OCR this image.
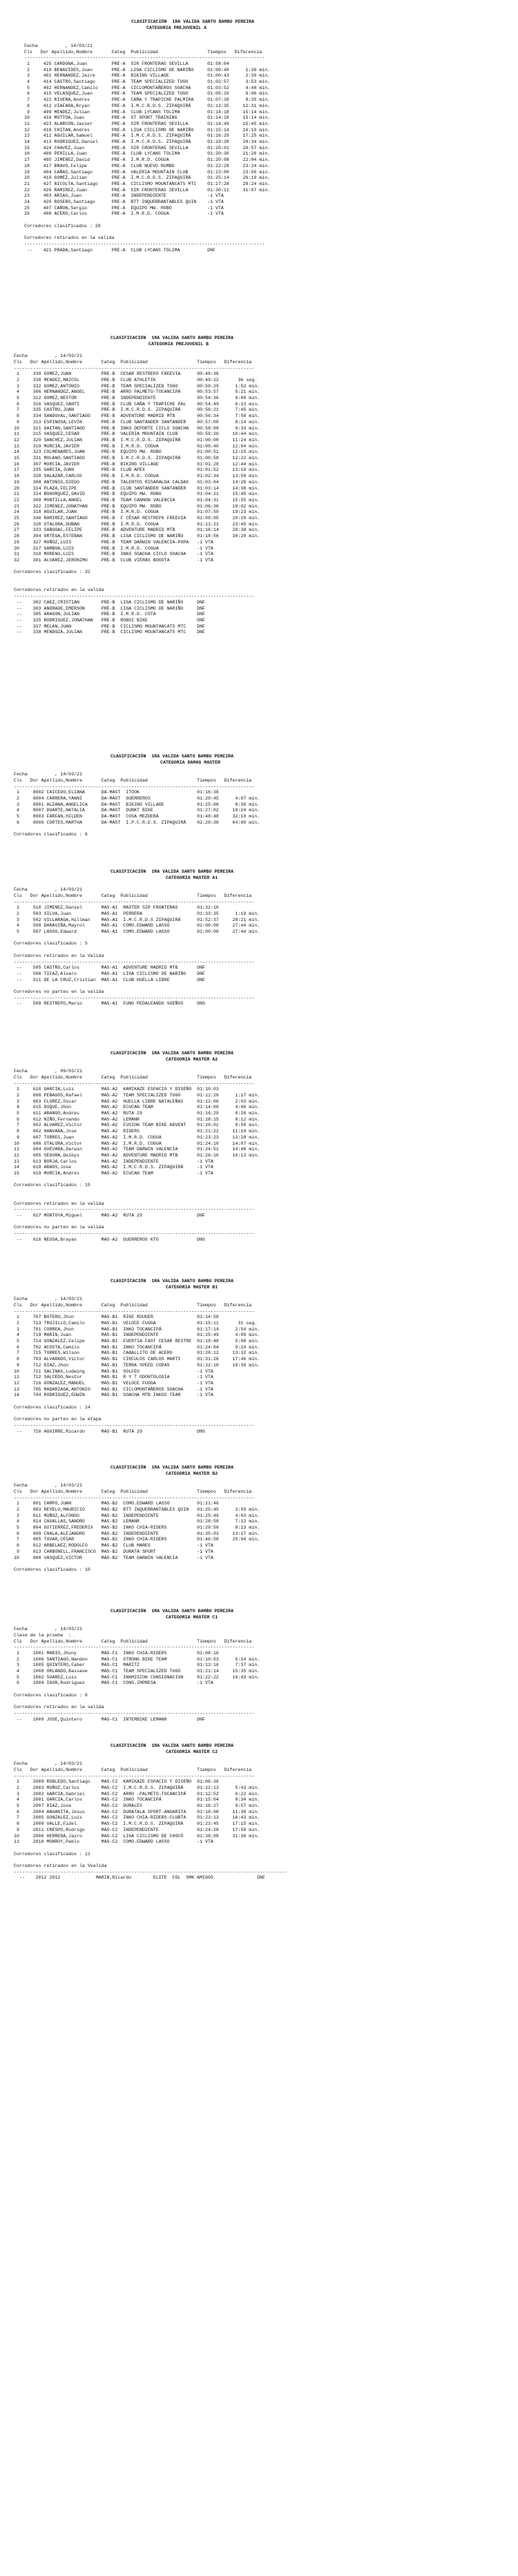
CLASIFICACIÓN  1RA VALIDA SANTO BAMBU PEREIRA
CATEGORIA PREJUVENIL A
Fecha          , 14/03/21
Cls   Dor Apellido,Nombre       Categ  Publicidad                  Tiempos   Diferencia
----------------------------------------------------------------------------------------
1     425 CARDONA,Juan         PRE-A  SIR FRONTERAS SEVILLA       01:58:04
2     419 BENAVIDES,Juan       PRE-A  LIGA CICLISMO DE NARIÑO     01:00:40      1:36 min.
3     401 HERNANDEZ,Jaire      PRE-A  BIKING VILLAGE              01:00:43      2:39 min.
4     414 CASTRO,Santiago      PRE-A  TEAM SPECIALIZED TUGO       01:02:57      3:53 min.
5     402 HERNANDEZ,Camilo     PRE-A  CICLOMONTAÑEROS SOACHA      01:03:52      4:48 min.
6     415 VELASQUEZ,Juan       PRE-A  TEAM SPECIALIZED TUGO       01:05:10      6:06 min.
7     422 RIVERA,Andres        PRE-A  CAÑA Y TRAPICHE PALMIRA     01:07:39      8:35 min.
8     412 VIAFARA,Bryan        PRE-A  I.M.C.R.D.S. ZIPAQUIRÁ      01:13:35     12:31 min.
9     409 MENDEZ,Julian        PRE-A  CLUB LYCANS TOLIMA          01:14:18     15:14 min.
10     416 MOTTOA,Juan          PRE-A  ST SPORT TRAINING           01:14:18     15:14 min.
11     423 ALARCON,Javier       PRE-A  SIR FRONTERAS SEVILLA       01:14:49     15:45 min.
12     418 CHITAN,Andres        PRE-A  LIGA CICLISMO DE NARIÑO     01:15:14     16:10 min.
13     411 AGUILAR,Samuel       PRE-A  I.M.C.R.D.S. ZIPAQUIRÁ      01:16:29     17:25 min.
14     413 RODRIGUEZ,Daniel     PRE-A  I.M.C.R.D.S. ZIPAQUIRÁ      01:19:38     20:34 min.
15     424 CHAVEZ,Juan          PRE-A  SIR FRONTERAS SEVILLA       01:20:01     20:57 min.
16     408 PERILLA,Juan         PRE-A  CLUB LYCANS TOLIMA          01:20:30     21:26 min.
17     405 JIMENEZ,David        PRE-A  I.M.R.D. COGUA              01:20:08     22:04 min.
18     417 BRAVO,Felipe         PRE-A  CLUB NUEVO RUMBO            01:22:28     23:24 min.
19     404 CAÑAS,Santiago       PRE-A  VALERIA MOUNTAIN CLUB       01:23:00     23:56 min.
20     410 GOMEZ,Julian         PRE-A  I.M.C.R.D.S. ZIPAQUIRÁ      01:25:14     26:10 min.
21     427 NICOLTA,Santiago     PRE-A  CICLISMO MOUNTANCATS MTC    01:27:28     28:24 min.
22     426 RAMIREZ,Juan         PRE-A  SIR FRONTERAS SEVILLA       01:30:11     31:07 min.
23     403 ARIAS,Juan           PRE-A  INDEPENDIENTE               -1 VTA
24     420 ROSERO,Santiago      PRE-A  BTT INQUEBRANTABLES QUIN    -1 VTA
25     407 CAÑON,Sergio         PRE-A  EQUIPO MW. ROBO             -1 VTA
26     406 ACERO,Carlos         PRE-A  I.M.R.D. COGUA              -1 VTA
Corredores clasificados : 26
Corredores retirados en la valida
----------------------------------------------------------------------------------------
--    421 PRADA,Santiago       PRE-A  CLUB LYCANS TOLIMA          DNF
CLASIFICACIÓN  1RA VALIDA SANTO BAMBU PEREIRA
CATEGORIA PREJUVENIL B
Fecha          , 14/03/21
Cls   Dor Apellido,Nombre       Categ  Publicidad                  Tiempos   Diferencia
----------------------------------------------------------------------------------------
1     339 GOMEZ,JUAN           PRE-B  CESAR RESTREPO FREEVIA      00:48:36
2     338 MENDEZ,MAICOL        PRE-B  CLUB ATHLETIK               00:49:12       36 seg.
3     332 GOMEZ,ANTONIO        PRE-B  TEAM SPECIALIZED TUGO       00:50:29      1:53 min.
4     306 HERNANDEZ,ANGEL      PRE-B  ARRO PALMETO-TOCANCIPÁ      00:53:57      5:21 min.
5     312 GOMEZ,NESTOR         PRE-B  INDEPENDIENTE               00:54:36      6:00 min.
6     316 VASQUEZ,SANTI        PRE-B  CLUB CAÑA Y TRAPICHE PAL    00:54:49      6:13 min.
7     335 CASTRO,JUAN          PRE-B  I.M.C.R.D.S. ZIPAQUIRÁ      00:56:21      7:45 min.
8     334 SANDOVAL,SANTIAGO    PRE-B  ADVENTURE MADRID MTB        00:56:34      7:58 min.
9     313 ESPINOSA,LEVIN       PRE-B  CLUB SANTANDER SANTANDER    00:57:00      8:24 min.
10     321 GAITAN,SANTIAGO      PRE-B  INKO DEPORTE CICLO SOACHA   00:58:09      9:33 min.
11     315 VASQUEZ,CESAR        PRE-B  VALERIA MOUNTAIN CLUB       00:59:20     10:44 min.
12     329 SANCHEZ,JULIAN       PRE-B  I.M.C.R.D.S. ZIPAQUIRÁ      01:00:00     11:24 min.
13     319 MURCIA,JAVIER        PRE-B  I.M.R.D. COGUA              01:00:40     12:04 min.
14     323 COLMENARES,JUAN      PRE-B  EQUIPO MW. ROBO             01:00:51     12:15 min.
15     331 MOLANO,SANTIAGO      PRE-B  I.M.C.R.D.S. ZIPAQUIRÁ      01:00:58     12:22 min.
16     307 MURCIA,JAVIER        PRE-B  BIKING VILLAGE              01:01:20     12:44 min.
17     335 GARCIA,JUAN          PRE-B  CLUB APEX                   01:01:52     13:16 min.
18     328 SALAZAR,CARLOS       PRE-B  I.M.R.D. COGUA              01:02:34     13:58 min.
19     308 ANTONIO,DIEGO        PRE-B  TALENTOS RISARALDA CALDAS   01:03:04     14:28 min.
20     314 PLAZA,FELIPE         PRE-B  CLUB SANTANDER SANTANDER    01:03:14     14:38 min.
21     324 BOHORQUEZ,DAVID      PRE-B  EQUIPO MW. ROBO             01:04:21     15:45 min.
22     309 MONTILLA,ANGEL       PRE-B  TEAM CANNON VALENCIA        01:04:31     15:55 min.
23     322 JIMENEZ,JONATHAN     PRE-B  EQUIPO MW. ROBO             01:06:38     18:02 min.
24     318 AGUILAR,JUAN         PRE-B  I.M.R.D. COGUA              01:07:59     19:23 min.
25     340 RAMIREZ,SANTIAGO     PRE-B  F CÉSAR RESTREPO FREEVIA    01:09:05     20:29 min.
26     320 OTALORA,DUBAN        PRE-B  I.M.R.D. COGUA              01:11:21     23:45 min.
27     333 SABOGAL,FELIPE       PRE-B  ADVENTURE MADRID MTB        01:16:14     28:38 min.
28     304 ORTEGA,ESTEBAN       PRE-B  LIGA CICLISMO DE NARIÑO     01:18:56     30:20 min.
29     327 MUÑOZ,LUIS           PRE-B  TEAM DARWIN VALENCIA-POPA   -1 VTA
30     317 GAMBOA,LUIS          PRE-B  I.M.R.D. COGUA              -1 VTA
31     310 MORENO,LUIS          PRE-B  INKO SOACHA CICLO SOACHA    -1 VTA
32     301 ALVAREZ,JERONIMO     PRE-B  CLUB VIERAS BOGOTA          -1 VTA
Corredores clasificados : 32
Corredores retirados en la valida
----------------------------------------------------------------------------------------
--    302 CAEZ,CRISTIAN        PRE-B  LIGA CICLISMO DE NARIÑO     DNF
--    303 ANDRADE,EMERSON      PRE-B  LIGA CICLISMO DE NARIÑO     DNF
--    305 ARAGON,JULIAN        PRE-B  I.M.R.D. COTA               DNF
--    325 RODRIGUEZ,JONATHAN   PRE-B  ROBOI BIKE                  DNF
--    337 MELAN,JUAN           PRE-B  CICLISMO MOUNTANCATS MTC    DNF
--    338 MENDOZA,JULIAN       PRE-B  CICLISMO MOUNTANCATS MTC    DNF
CLASIFICACIÓN  1RA VALIDA SANTO BAMBU PEREIRA
CATEGORIA DAMAS MASTER
Fecha          , 14/03/21
Cls   Dor Apellido,Nombre       Categ  Publicidad                  Tiempos   Diferencia
----------------------------------------------------------------------------------------
1     8002 CAICEDO,ELIANA      DA-MAST  ITOOK                     01:16:38
2     8004 CARRERA,YANNI       DA-MAST  GUERREROS                 01:20:45      4:07 min.
3     8001 ALZANA,ANGELICA     DA-MAST  BIKING VILLAGE            01:25:08      8:30 min.
4     8007 DUARTE,NATALIA      DA-MAST  DUNKT BIKE                01:27:02     10:24 min.
5     8003 FARFAN,HILDEN       DA-MAST  COSA MEZDERA              01:48:48     32:10 min.
6     8006 CORTES,MARTHA       DA-MAST  I.P.C.R.D.S. ZIPAQUIRÁ    02:20:38     64:00 min.
Corredores clasificados : 6
CLASIFICACIÓN  1RA VALIDA SANTO BAMBU PEREIRA
CATEGORIA MASTER A1
Fecha          , 14/03/21
Cls   Dor Apellido,Nombre       Categ  Publicidad                  Tiempos   Diferencia
----------------------------------------------------------------------------------------
1     510 JIMENEZ,Daniel       MAS-A1  MASTER SIR FRONTERAS       01:32:16
2     503 SILVA,Juan           MAS-A1  PERRERA                    01:33:35      1:19 min.
3     502 VILLARAGA,Hillman    MAS-A1  I.M.C.R.D.S ZIPAQUIRÁ      01:52:37     20:21 min.
4     508 DARAVIÑA,Mayrol      MAS-A1  COMO.EDWARD LASSO          02:00:00     27:44 min.
5     507 LASSO,Edward         MAS-A1  COMO.EDWARD LASSO          02:00:00     27:44 min.
Corredores clasificados : 5
Corredores retirados en la Valida
----------------------------------------------------------------------------------------
--    505 CASTRO,Carlos        MAS-A1  ADVENTURE MADRID MTB       DNF
--    506 TIFAZ,Alvaro         MAS-A1  LIGA CICLISMO DE NARIÑO    DNF
--    511 DE LA CRUZ,Cristian  MAS-A1  CLUB HUELLA LIBRE          DNF
Corredores no partes en la valida
----------------------------------------------------------------------------------------
--    509 RESTREPO,Mario       MAS-A1  FUNO PEDALEANDO SUEÑOS     DNS
CLASIFICACIÓN  1RA VALIDA SANTO BAMBU PEREIRA
CATEGORIA MASTER A2
Fecha          , 09/03/21
Cls   Dor Apellido,Nombre       Categ  Publicidad                  Tiempos   Diferencia
----------------------------------------------------------------------------------------
1     610 GARCIA,Luis          MAS-A2  KAMIKAZE ESPACIO Y DISEÑO  01:10:03
2     608 PENAGOS,Rafael       MAS-A2  TEAM SPECIALIZED TUGO      01:11:20      1:17 min.
3     603 FLOREZ,Oscar         MAS-A2  HUELLA LIBRE NATALEÑAS     01:12:06      2:03 min.
4     615 DUQUE,Jhon           MAS-A2  ECUCAN TEAM                01:14:09      4:06 min.
5     611 ARANGO,Andres        MAS-A2  RUTA 29                    01:16:29      6:26 min.
6     612 NIÑO,Fernando        MAS-A2  LEMANR                     01:18:15      8:12 min.
7     602 ALVAREZ,Victor       MAS-A2  FUSION TEAM BIKE ADVENT    01:20:01      9:58 min.
8     602 HANVARA,Jose         MAS-A2  RIDERS                     01:21:22     11:19 min.
9     607 TORRES,Juan          MAS-A2  I.M.R.D. COGUA             01:23:23     13:20 min.
10     606 OTALORA,Victor       MAS-A2  I.M.R.D. COGUA             01:24:10     14:07 min.
11     604 GUEVARA,Darwin       MAS-A2  TEAM DARWIN VALENCIA       01:24:51     14:48 min.
12     605 SEGURA,Deibys        MAS-A2  ADVENTURE MADRID MTB       01:26:16     16:13 min.
13     613 BORJA,Carlos         MAS-A2  INDEPENDIENTE              -1 VTA
14     618 ARAOS,Jose           MAS-A2  I.M.C.R.D.S. ZIPAQUIRÁ     -1 VTA
15     619 MURCIA,Andres        MAS-A2  ECUCAN TEAM                -1 VTA
Corredores clasificados : 15
Corredores retirados en la valida
----------------------------------------------------------------------------------------
--    617 MONTOYA,Miguel       MAS-A2  RUTA 29                    DNF
Corredores no parten en la valida
----------------------------------------------------------------------------------------
--    616 NEUSA,Brayan         MAS-A2  GUERREROS KTO              DNS
CLASIFICACIÓN  1RA VALIDA SANTO BAMBU PEREIRA
CATEGORIA MASTER B1
Fecha          , 14/03/21
Cls   Dor Apellido,Nombre       Categ  Publicidad                  Tiempos   Diferencia
----------------------------------------------------------------------------------------
1     707 BOTERO,Jhon          MAS-B1  RIKE ROUGER                01:14:50
2     713 TRUJILLO,Camilo      MAS-B1  VELOCE FUGGA               01:15:11       31 seg.
3     701 CORREA,Jhon          MAS-B1  INKO TOCANCIPÁ             01:17:14      2:54 min.
4     718 MARIN,Juan           MAS-B1  INDEPENDIENTE              01:25:49      4:09 min.
5     714 GONZALEZ,Felipe      MAS-B1  FUERTIA FAST CESAR RESTRE  01:19:48      5:08 min.
6     702 ACOSTA,Camilo        MAS-B1  INKO TOCANCIPÁ             01:24:04      9:24 min.
7     715 TORRES,Wilson        MAS-B1  CABALLITO DE ACERO         01:28:12     13:32 min.
8     703 ALVARADO,Victor      MAS-B1  CIRCULOS CARLOS MARTI      01:31:26     17:46 min.
9     712 DIAZ,Jhon            MAS-B1  TERRA SPEED COPAS          01:32:10     18:30 min.
10     711 SALINAS,Ludwing      MAS-B1  SOLFEO                     -1 VTA
11     712 SALCEDO,Nestor       MAS-B1  R Y T ODONTOLOGIA          -1 VTA
12     716 GONZALEZ,MANUEL      MAS-B1  VELOCE FUGGA               -1 VTA
13     705 MADARIAGA,ANTONIO    MAS-B1  CICLOMONTAÑEROS SOACHA     -1 VTA
14     704 RODRIGUEZ,EDWIN      MAS-B1  SOACHA MTB INKOS TEAM      -1 VTA
Corredores clasificados : 14
Corredores no partes en la etapa
----------------------------------------------------------------------------------------
--    710 AGUIRRE,Ricardo      MAS-B1  RUTA 29                    DNS
CLASIFICACIÓN  1RA VALIDA SANTO BAMBU PEREIRA
CATEGORIA MASTER B2
Fecha          , 14/03/21
Cls   Dor Apellido,Nombre       Categ  Publicidad                  Tiempos   Diferencia
----------------------------------------------------------------------------------------
1     801 CAMPO,JUAN           MAS-B2  COMO.EDWARD LASSO          01:21:46
2     803 REVELO,MAURICIO      MAS-B2  BTT INQUEBRANTABLES QUIN   01:25:45      3:59 min.
3     811 MUÑOZ,ALFONSO        MAS-B2  INDEPENDIENTE              01:25:49      4:03 min.
4     814 CASALLAS,SANDRO      MAS-B2  LEMANR                     01:28:58      7:12 min.
5     804 GUTIERREZ,FREDERIX   MAS-B2  INKO CHIA-RIDERS           01:29:59      8:13 min.
6     809 CHALA,ALEJANDRO      MAS-B2  INDEPENDIENTE              01:35:03     13:17 min.
7     805 TOVAR,CESAR          MAS-B2  INKO CHIA-RIDERS           01:46:50     25:04 min.
8     812 ARBELAEZ,RODOLFO     MAS-B2  CLUB MARES                 -1 VTA
9     813 CARBONELL,FRANCISCO  MAS-B2  DURATA SPORT               -1 VTA
10     808 VASQUEZ,VICTOR       MAS-B2  TEAM DARWIN VALENCIA       -1 VTA
Corredores clasificados : 10
CLASIFICACIÓN  1RA VALIDA SANTO BAMBU PEREIRA
CATEGORIA MASTER C1
Fecha          , 14/03/21
Clase de la prueba  :
Cls   Dor Apellido,Nombre       Categ  Publicidad                  Tiempos   Diferencia
----------------------------------------------------------------------------------------
1     1001 MARIO,Jhony         MAS-C1  INKO CHIA-RIDERS           01:08:16
2     1006 SANTIAGO,Nandon     MAS-C1  STRONG BIKE TEAM           01:10:53      5:14 min.
3     1005 QUINTERO,Faber      MAS-C1  MARITZ                     01:13:16      7:37 min.
4     1008 ORLANDO,Bassave     MAS-C1  TEAM SPECIALIZED TUGO      01:21:14     15:35 min.
5     1002 SUAREZ,Luis         MAS-C1  INKMISION CONSIGNACION     01:22:22     16:43 min.
6     1004 IGOR,Rodriguez      MAS-C1  CONS.IMPRESA               -1 VTA
Corredores clasificados : 6
Corredores retirados en la valida
----------------------------------------------------------------------------------------
--    1009 JOSE,Quintero       MAS-C1  INTERBIKE LEMANR           DNF
CLASIFICACIÓN  1RA VALIDA SANTO BAMBU PEREIRA
CATEGORIA MASTER C2
Fecha          , 14/03/21
Cls   Dor Apellido,Nombre       Categ  Publicidad                  Tiempos   Diferencia
----------------------------------------------------------------------------------------
1     2009 ROBLEDO,Santiago    MAS-C2  KAMIKAZE ESPACIO Y DISEÑO  01:06:30
2     2003 MUÑOZ,Carlos        MAS-C2  I.M.C.R.D.S. ZIPAQUIRÁ     01:12:13      5:43 min.
3     2002 GARCIA,Gabriel      MAS-C2  ARRO -PALMETO-TOCANCIPÁ    01:12:52      6:22 min.
4     2001 GARCIA,Carlos       MAS-C2  INKO TOCANCIPÁ             01:15:04      8:34 min.
5     2007 DIAZ,Jose           MAS-C2  DURALES                    01:16:27      9:57 min.
6     2004 ANGARITA,Jesus      MAS-C2  DURATALA SPORT-ANGARITA    01:18:08     11:38 min.
7     2005 GONZALEZ,Luis       MAS-C2  INKO CHIA-RIDERS-CLUBTA    01:23:13     16:43 min.
8     2008 VALLE,Fidel         MAS-C2  I.M.C.R.D.S. ZIPAQUIRÁ     01:23:45     17:15 min.
9     2011 CRESPO,Rodrigo      MAS-C2  INDEPENDIENTE              01:24:28     17:58 min.
10     2006 HERRERA,Jairo       MAS-C2  LIGA CICLISMO DE CHOCÓ     01:38:09     31:39 min.
11     2010 MONROY,Pablo        MAS-C2  COMO.EDWARD LASSO          -1 VTA
Corredores clasificados : 11
Corredores retirados en la Vvalida
----------------------------------------------------------------------------------------------------
--    2012 2012             MARIN,Ricardo        ELITE  COL  SMK AMIGOS                DNF
